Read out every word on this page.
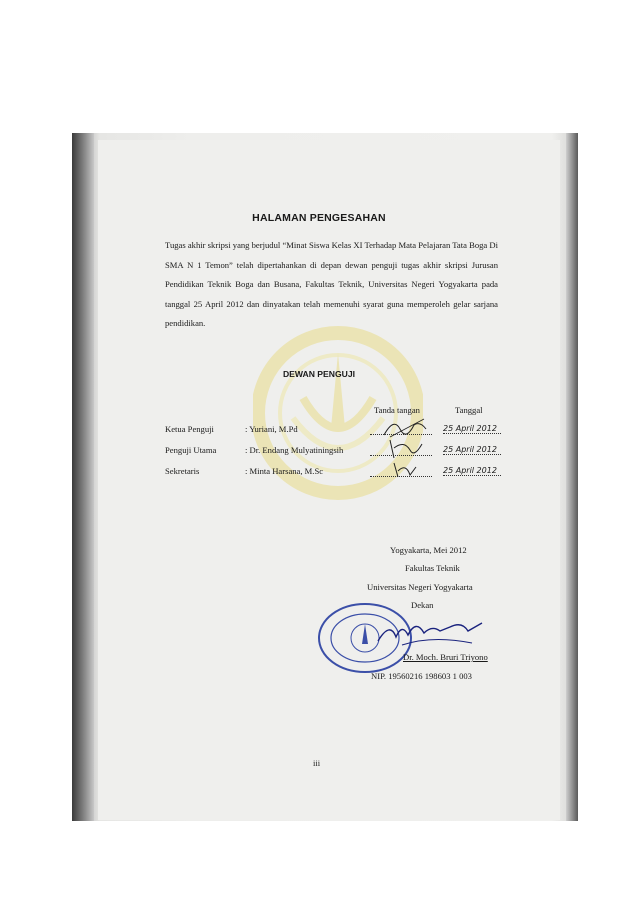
HALAMAN PENGESAHAN
Tugas akhir skripsi yang berjudul “Minat Siswa Kelas XI Terhadap Mata Pelajaran Tata Boga Di SMA N 1 Temon” telah dipertahankan di depan dewan penguji tugas akhir skripsi Jurusan Pendidikan Teknik Boga dan Busana, Fakultas Teknik, Universitas Negeri Yogyakarta pada tanggal 25 April 2012 dan dinyatakan telah memenuhi syarat guna memperoleh gelar sarjana pendidikan.
DEWAN PENGUJI
Tanda tangan	Tanggal
Ketua Penguji	: Yuriani, M.Pd	25 April 2012
Penguji Utama	: Dr. Endang Mulyatiningsih	25 April 2012
Sekretaris	: Minta Harsana, M.Sc	25 April 2012
Yogyakarta, Mei 2012
Fakultas Teknik
Universitas Negeri Yogyakarta
Dekan
Dr. Moch. Bruri Triyono
NIP. 19560216 198603 1 003
iii
